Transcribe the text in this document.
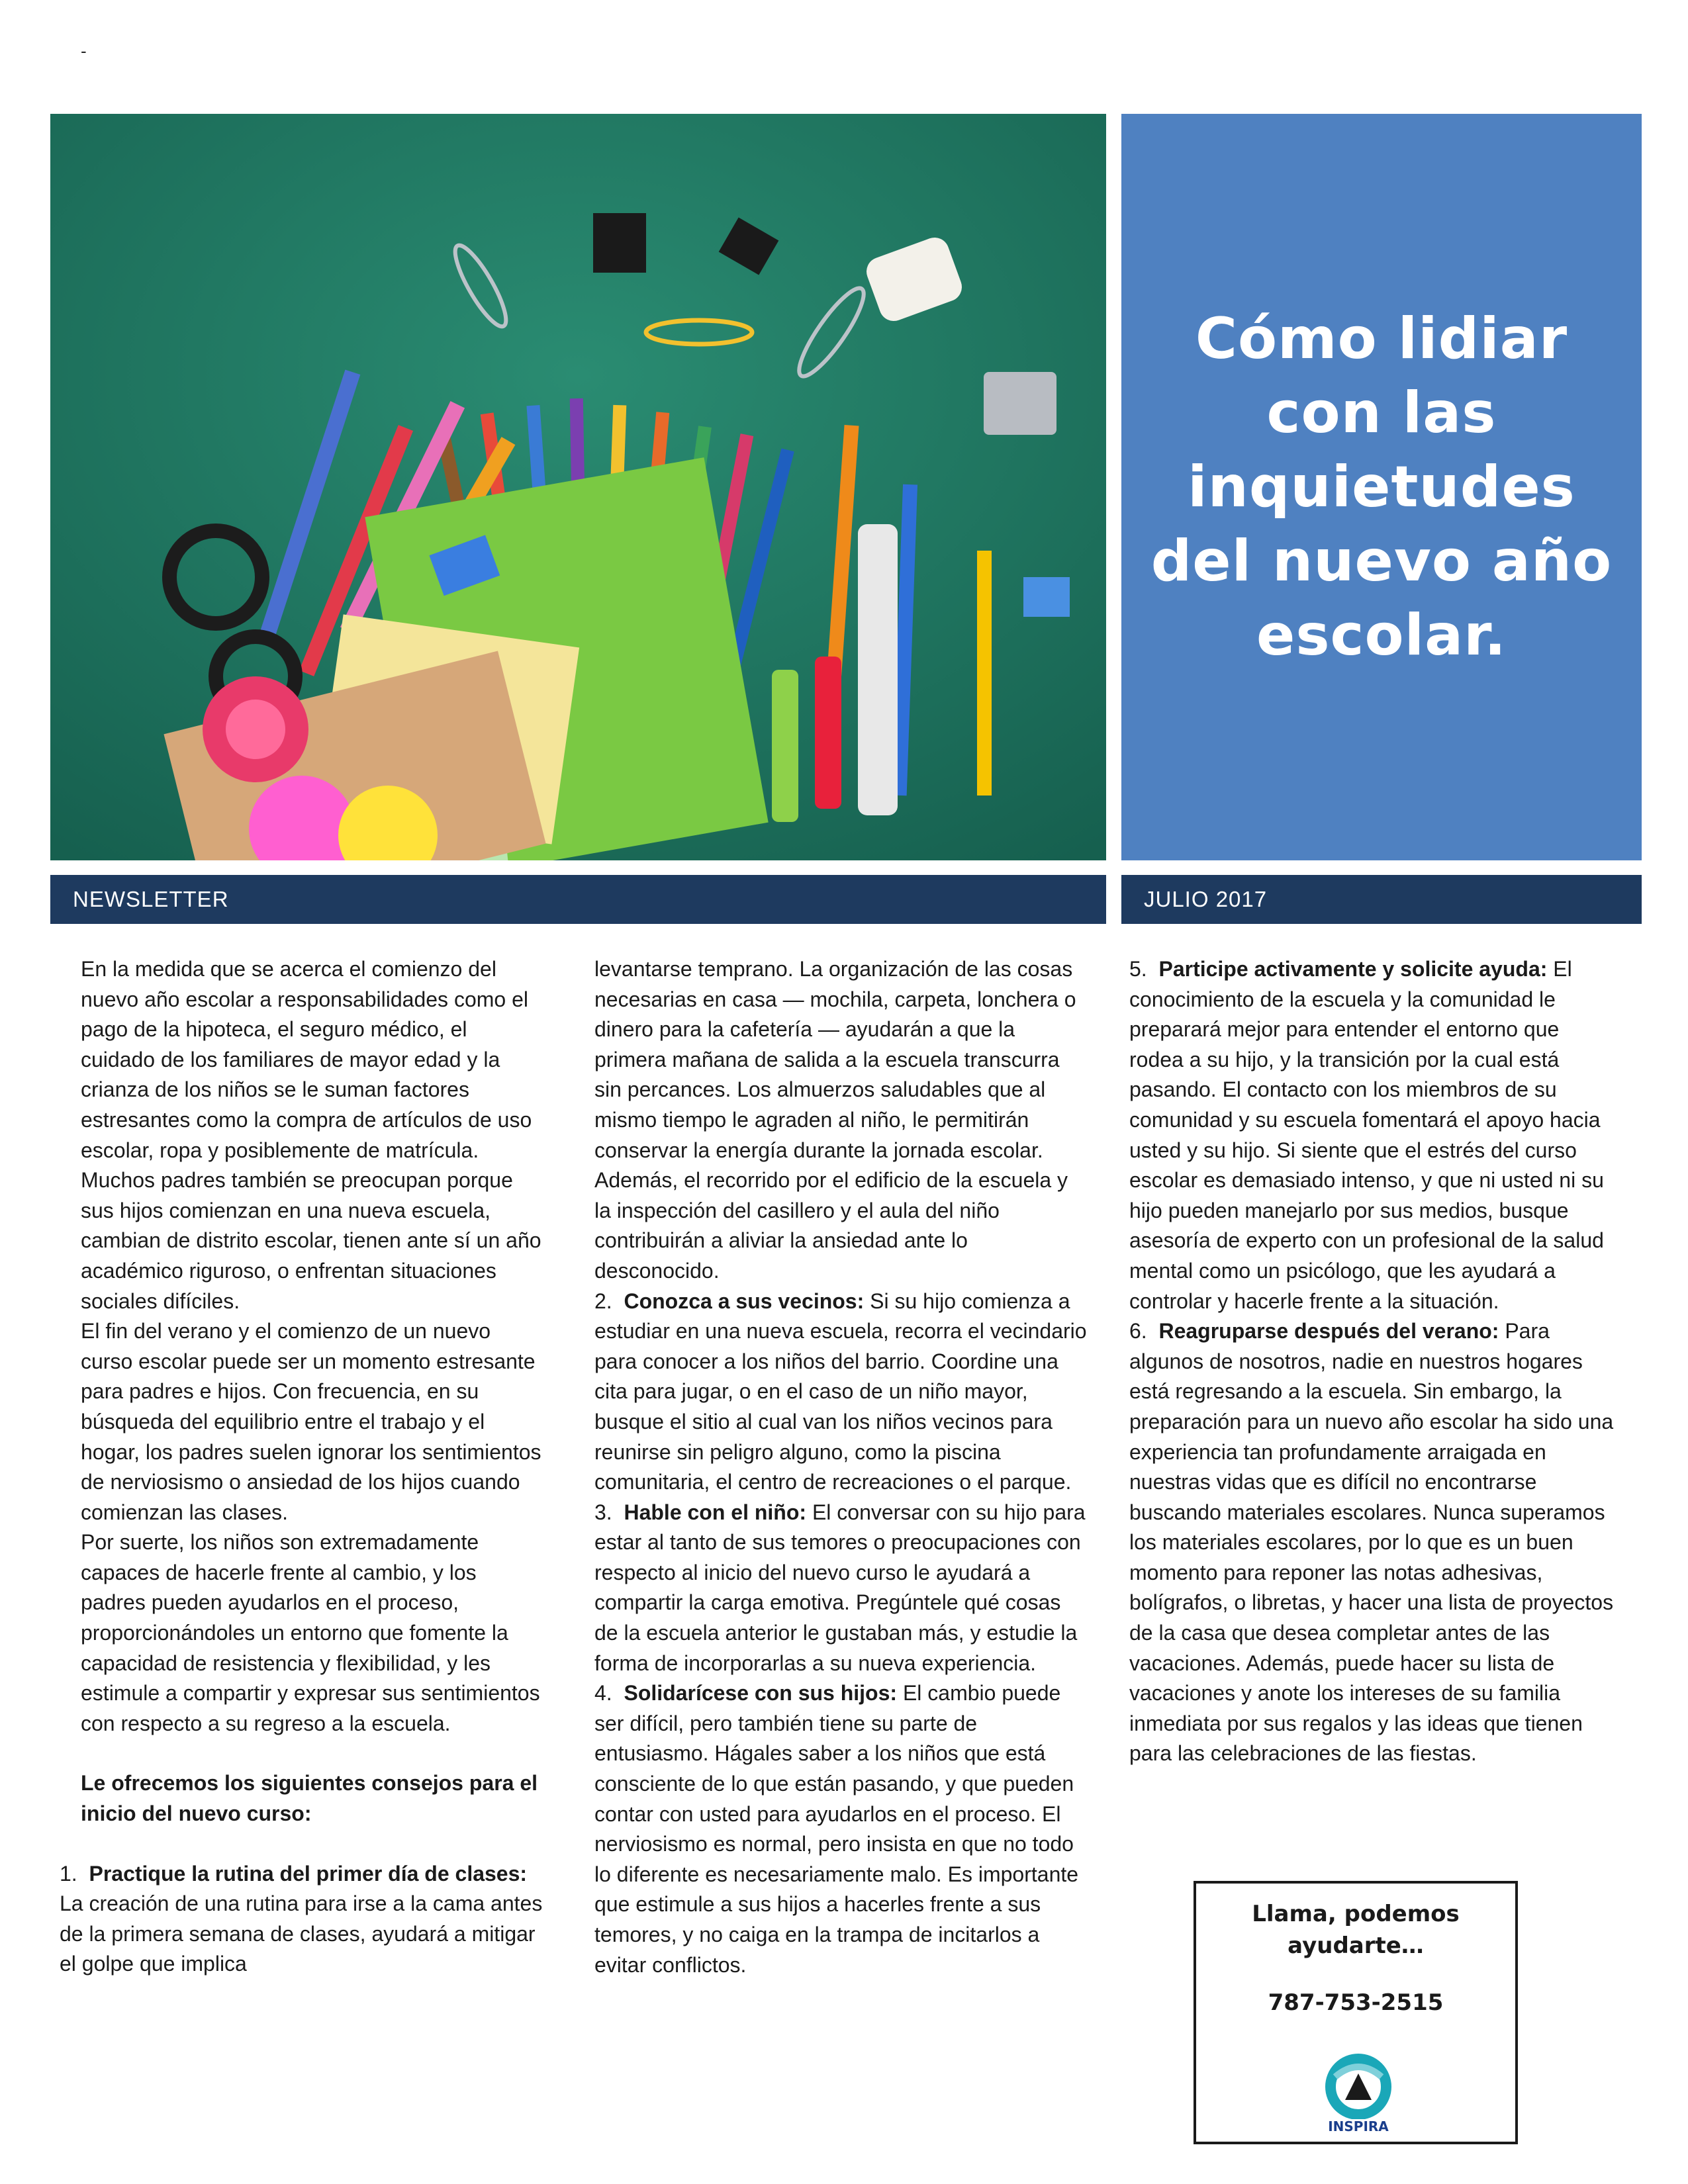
-
Cómo lidiar con las inquietudes del nuevo año escolar.
NEWSLETTER	JULIO 2017

En la medida que se acerca el comienzo del nuevo año escolar a responsabilidades como el pago de la hipoteca, el seguro médico, el cuidado de los familiares de mayor edad y la crianza de los niños se le suman factores estresantes como la compra de artículos de uso escolar, ropa y posiblemente de matrícula. Muchos padres también se preocupan porque sus hijos comienzan en una nueva escuela, cambian de distrito escolar, tienen ante sí un año académico riguroso, o enfrentan situaciones sociales difíciles.

El fin del verano y el comienzo de un nuevo curso escolar puede ser un momento estresante para padres e hijos. Con frecuencia, en su búsqueda del equilibrio entre el trabajo y el hogar, los padres suelen ignorar los sentimientos de nerviosismo o ansiedad de los hijos cuando comienzan las clases.

Por suerte, los niños son extremadamente capaces de hacerle frente al cambio, y los padres pueden ayudarlos en el proceso, proporcionándoles un entorno que fomente la capacidad de resistencia y flexibilidad, y les estimule a compartir y expresar sus sentimientos con respecto a su regreso a la escuela.

Le ofrecemos los siguientes consejos para el inicio del nuevo curso:

1. Practique la rutina del primer día de clases: La creación de una rutina para irse a la cama antes de la primera semana de clases, ayudará a mitigar el golpe que implica

levantarse temprano. La organización de las cosas necesarias en casa — mochila, carpeta, lonchera o dinero para la cafetería — ayudarán a que la primera mañana de salida a la escuela transcurra sin percances. Los almuerzos saludables que al mismo tiempo le agraden al niño, le permitirán conservar la energía durante la jornada escolar. Además, el recorrido por el edificio de la escuela y la inspección del casillero y el aula del niño contribuirán a aliviar la ansiedad ante lo desconocido.

2. Conozca a sus vecinos: Si su hijo comienza a estudiar en una nueva escuela, recorra el vecindario para conocer a los niños del barrio. Coordine una cita para jugar, o en el caso de un niño mayor, busque el sitio al cual van los niños vecinos para reunirse sin peligro alguno, como la piscina comunitaria, el centro de recreaciones o el parque.

3. Hable con el niño: El conversar con su hijo para estar al tanto de sus temores o preocupaciones con respecto al inicio del nuevo curso le ayudará a compartir la carga emotiva. Pregúntele qué cosas de la escuela anterior le gustaban más, y estudie la forma de incorporarlas a su nueva experiencia.

4. Solidarícese con sus hijos: El cambio puede ser difícil, pero también tiene su parte de entusiasmo. Hágales saber a los niños que está consciente de lo que están pasando, y que pueden contar con usted para ayudarlos en el proceso. El nerviosismo es normal, pero insista en que no todo lo diferente es necesariamente malo. Es importante que estimule a sus hijos a hacerles frente a sus temores, y no caiga en la trampa de incitarlos a evitar conflictos.

5. Participe activamente y solicite ayuda: El conocimiento de la escuela y la comunidad le preparará mejor para entender el entorno que rodea a su hijo, y la transición por la cual está pasando. El contacto con los miembros de su comunidad y su escuela fomentará el apoyo hacia usted y su hijo. Si siente que el estrés del curso escolar es demasiado intenso, y que ni usted ni su hijo pueden manejarlo por sus medios, busque asesoría de experto con un profesional de la salud mental como un psicólogo, que les ayudará a controlar y hacerle frente a la situación.

6. Reagruparse después del verano: Para algunos de nosotros, nadie en nuestros hogares está regresando a la escuela. Sin embargo, la preparación para un nuevo año escolar ha sido una experiencia tan profundamente arraigada en nuestras vidas que es difícil no encontrarse buscando materiales escolares. Nunca superamos los materiales escolares, por lo que es un buen momento para reponer las notas adhesivas, bolígrafos, o libretas, y hacer una lista de proyectos de la casa que desea completar antes de las vacaciones. Además, puede hacer su lista de vacaciones y anote los intereses de su familia inmediata por sus regalos y las ideas que tienen para las celebraciones de las fiestas.

Llama, podemos
ayudarte…
787-753-2515
INSPIRA
